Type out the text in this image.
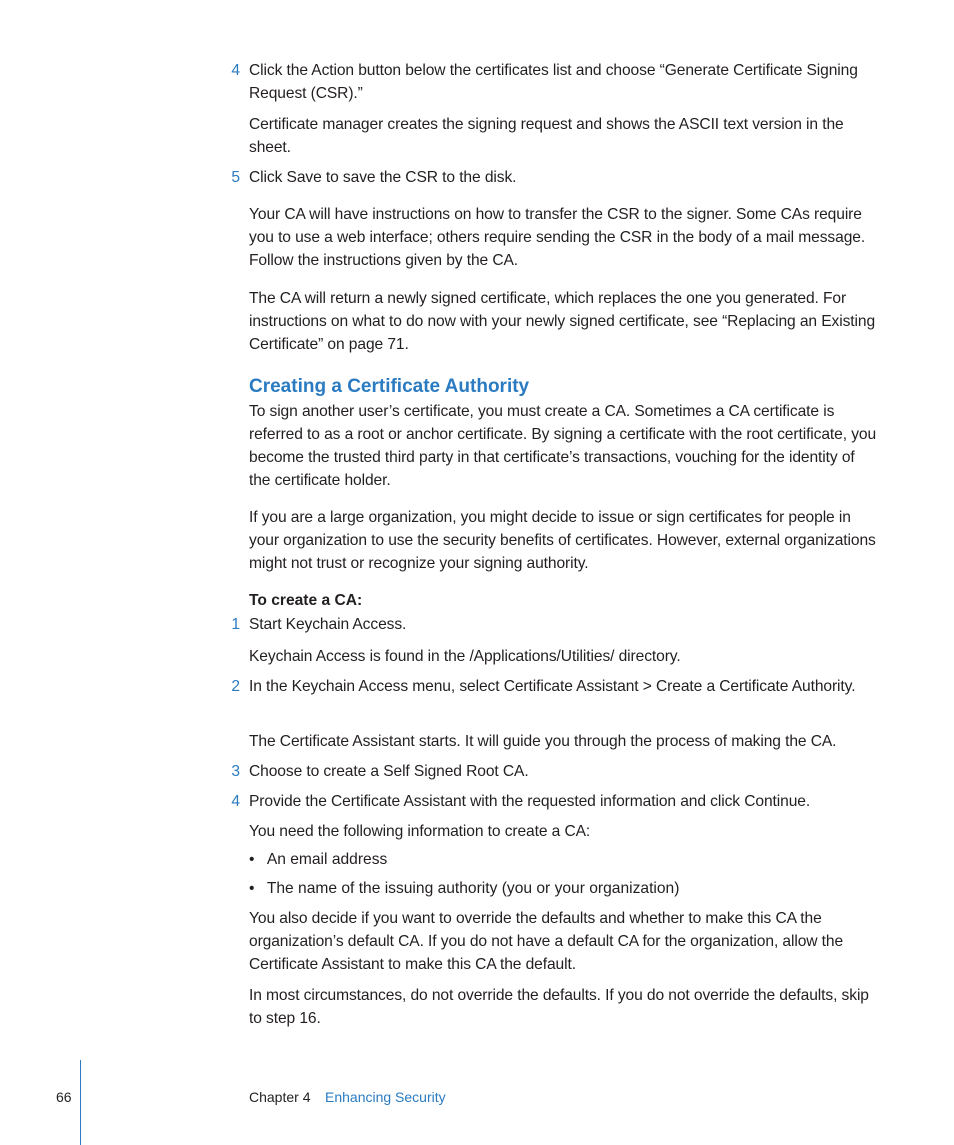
4 Click the Action button below the certificates list and choose “Generate Certificate Signing Request (CSR).”

Certificate manager creates the signing request and shows the ASCII text version in the sheet.

5 Click Save to save the CSR to the disk.

Your CA will have instructions on how to transfer the CSR to the signer. Some CAs require you to use a web interface; others require sending the CSR in the body of a mail message. Follow the instructions given by the CA.

The CA will return a newly signed certificate, which replaces the one you generated. For instructions on what to do now with your newly signed certificate, see “Replacing an Existing Certificate” on page 71.

Creating a Certificate Authority

To sign another user’s certificate, you must create a CA. Sometimes a CA certificate is referred to as a root or anchor certificate. By signing a certificate with the root certificate, you become the trusted third party in that certificate’s transactions, vouching for the identity of the certificate holder.

If you are a large organization, you might decide to issue or sign certificates for people in your organization to use the security benefits of certificates. However, external organizations might not trust or recognize your signing authority.

To create a CA:

1 Start Keychain Access.

Keychain Access is found in the /Applications/Utilities/ directory.

2 In the Keychain Access menu, select Certificate Assistant > Create a Certificate Authority.

The Certificate Assistant starts. It will guide you through the process of making the CA.

3 Choose to create a Self Signed Root CA.

4 Provide the Certificate Assistant with the requested information and click Continue.

You need the following information to create a CA:

• An email address
• The name of the issuing authority (you or your organization)

You also decide if you want to override the defaults and whether to make this CA the organization’s default CA. If you do not have a default CA for the organization, allow the Certificate Assistant to make this CA the default.

In most circumstances, do not override the defaults. If you do not override the defaults, skip to step 16.

66	Chapter 4 Enhancing Security
